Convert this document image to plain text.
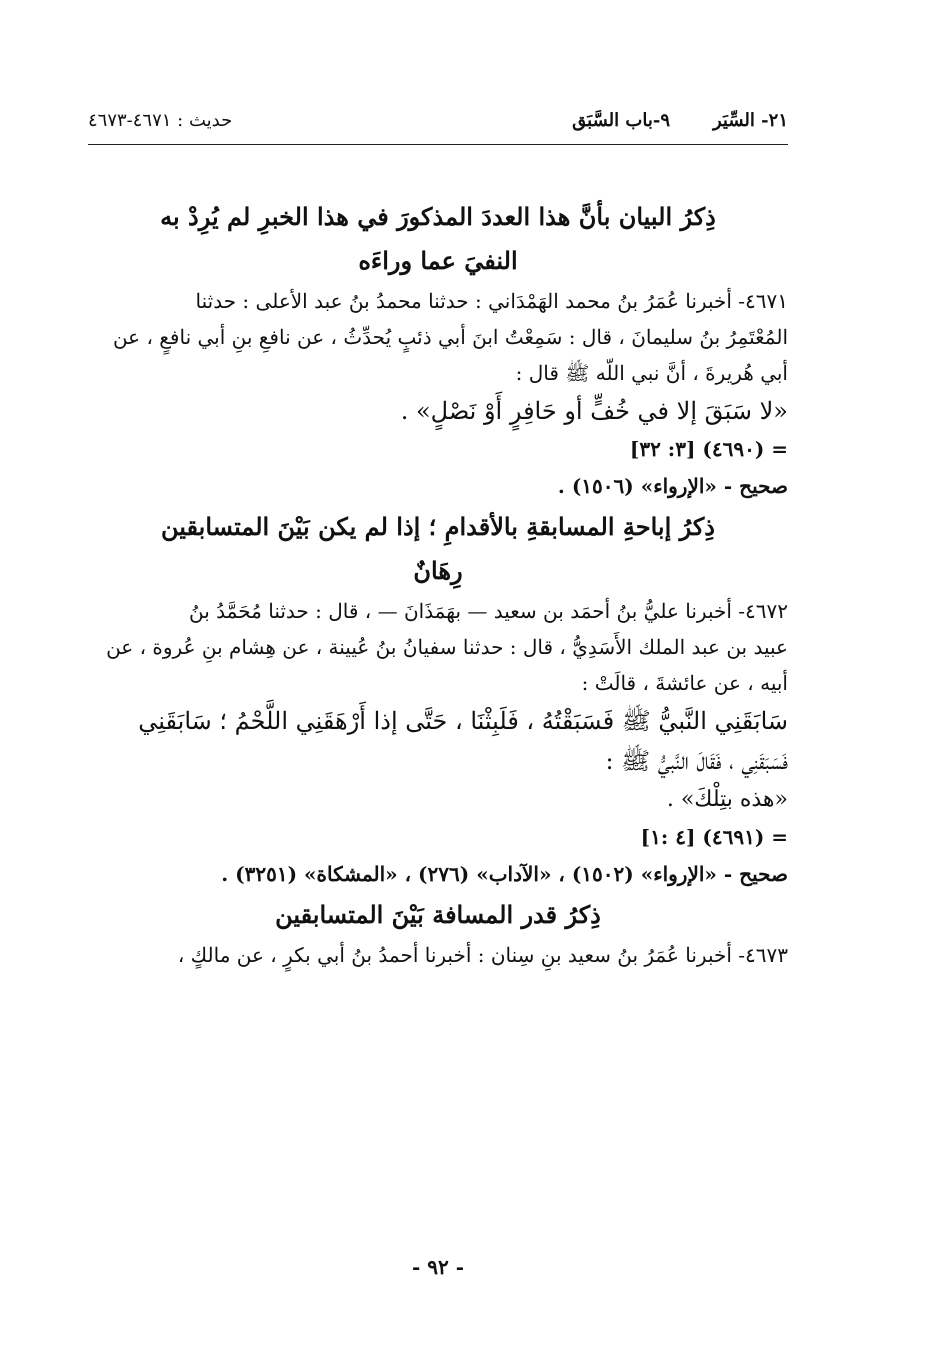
٢١- السِّيَر
٩-باب السَّبَق
حديث : ٤٦٧١-٤٦٧٣

ذِكرُ البيان بأنَّ هذا العددَ المذكورَ في هذا الخبرِ لم يُرِدْ به

النفيَ عما وراءَه

٤٦٧١- أخبرنا عُمَرُ بنُ محمد الهَمْدَاني : حدثنا محمدُ بنُ عبد الأعلى : حدثنا

المُعْتَمِرُ بنُ سليمانَ ، قال : سَمِعْتُ ابنَ أبي ذئبٍ يُحدِّثُ ، عن نافعِ بنِ أبي نافعٍ ، عن

أبي هُريرةَ ، أنَّ نبي اللّه ﷺ قال :

«لا سَبَقَ إلا في خُفٍّ أو حَافِرٍ أَوْ نَصْلٍ» .

= (٤٦٩٠) [٣: ٣٢]

صحيح - «الإرواء» (١٥٠٦) .

ذِكرُ إباحةِ المسابقةِ بالأقدامِ ؛ إذا لم يكن بَيْنَ المتسابقين

رِهَانٌ

٤٦٧٢- أخبرنا عليُّ بنُ أحمَد بن سعيد — بهَمَذَانَ — ، قال : حدثنا مُحَمَّدُ بنُ

عبيد بن عبد الملك الأَسَدِيُّ ، قال : حدثنا سفيانُ بنُ عُيينة ، عن هِشام بنِ عُروة ، عن

أبيه ، عن عائشةَ ، قالَتْ :

سَابَقَنِي النَّبيُّ ﷺ فَسَبَقْتُهُ ، فَلَبِثْنَا ، حَتَّى إذا أَرْهَقَنِي اللَّحْمُ ؛ سَابَقَنِي

فَسَبَقَنِي ، فَقَالَ النَّبيُّ ﷺ :

«هذه بتِلْكَ» .

= (٤٦٩١) [٤ :١]

صحيح - «الإرواء» (١٥٠٢) ، «الآداب» (٢٧٦) ، «المشكاة» (٣٢٥١) .

ذِكرُ قدر المسافة بَيْنَ المتسابقين

٤٦٧٣- أخبرنا عُمَرُ بنُ سعيد بنِ سِنان : أخبرنا أحمدُ بنُ أبي بكرٍ ، عن مالكٍ ،

- ٩٢ -
